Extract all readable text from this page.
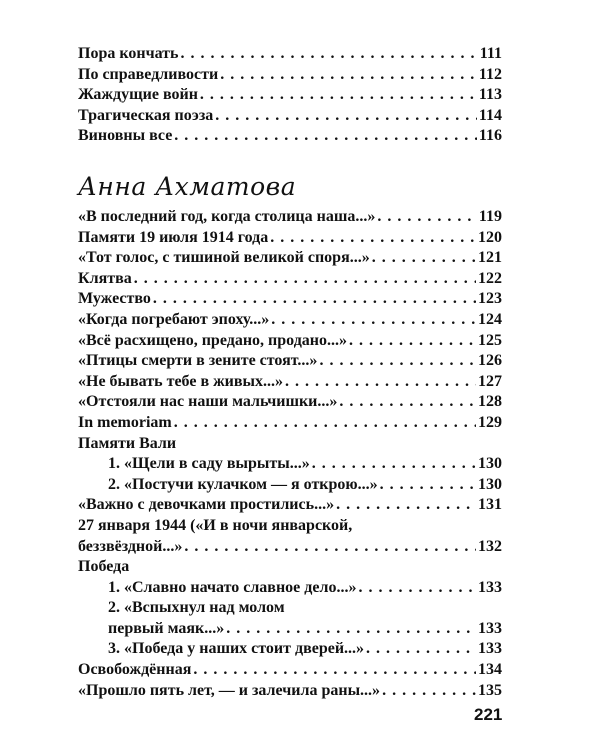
Пора кончать . . .	111
По справедливости . . .	112
Жаждущие войн . . .	113
Трагическая поэза . . .	114
Виновны все . . .	116
Анна Ахматова
«В последний год, когда столица наша...» . . .	119
Памяти 19 июля 1914 года . . .	120
«Тот голос, с тишиной великой споря...» . . .	121
Клятва . . .	122
Мужество . . .	123
«Когда погребают эпоху...» . . .	124
«Всё расхищено, предано, продано...» . . .	125
«Птицы смерти в зените стоят...» . . .	126
«Не бывать тебе в живых...» . . .	127
«Отстояли нас наши мальчишки...» . . .	128
In memoriam . . .	129
Памяти Вали
1. «Щели в саду вырыты...» . . .	130
2. «Постучи кулачком — я открою...» . . .	130
«Важно с девочками простились...» . . .	131
27 января 1944 («И в ночи январской,
беззвёздной...» . . .	132
Победа
1. «Славно начато славное дело...» . . .	133
2. «Вспыхнул над молом
первый маяк...» . . .	133
3. «Победа у наших стоит дверей...» . . .	133
Освобождённая . . .	134
«Прошло пять лет, — и залечила раны...» . . .	135
221
